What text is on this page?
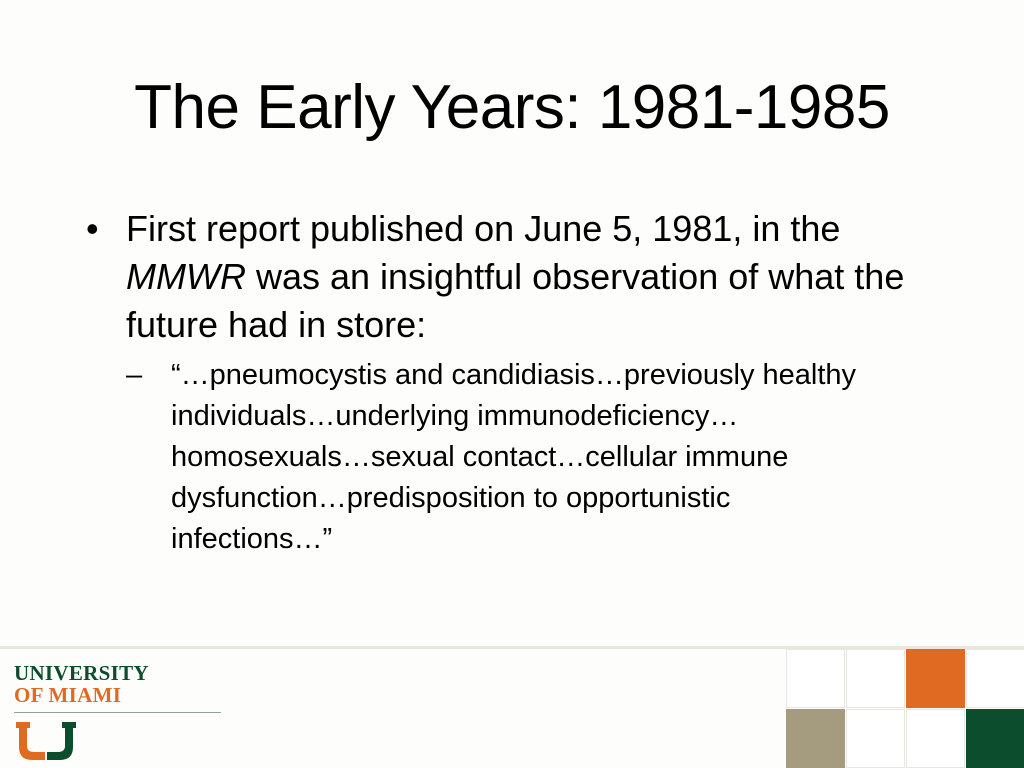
The Early Years: 1981-1985
• First report published on June 5, 1981, in the MMWR was an insightful observation of what the future had in store:
– “…pneumocystis and candidiasis…previously healthy individuals…underlying immunodeficiency…homosexuals…sexual contact…cellular immune dysfunction…predisposition to opportunistic infections…”
UNIVERSITY
OF MIAMI
